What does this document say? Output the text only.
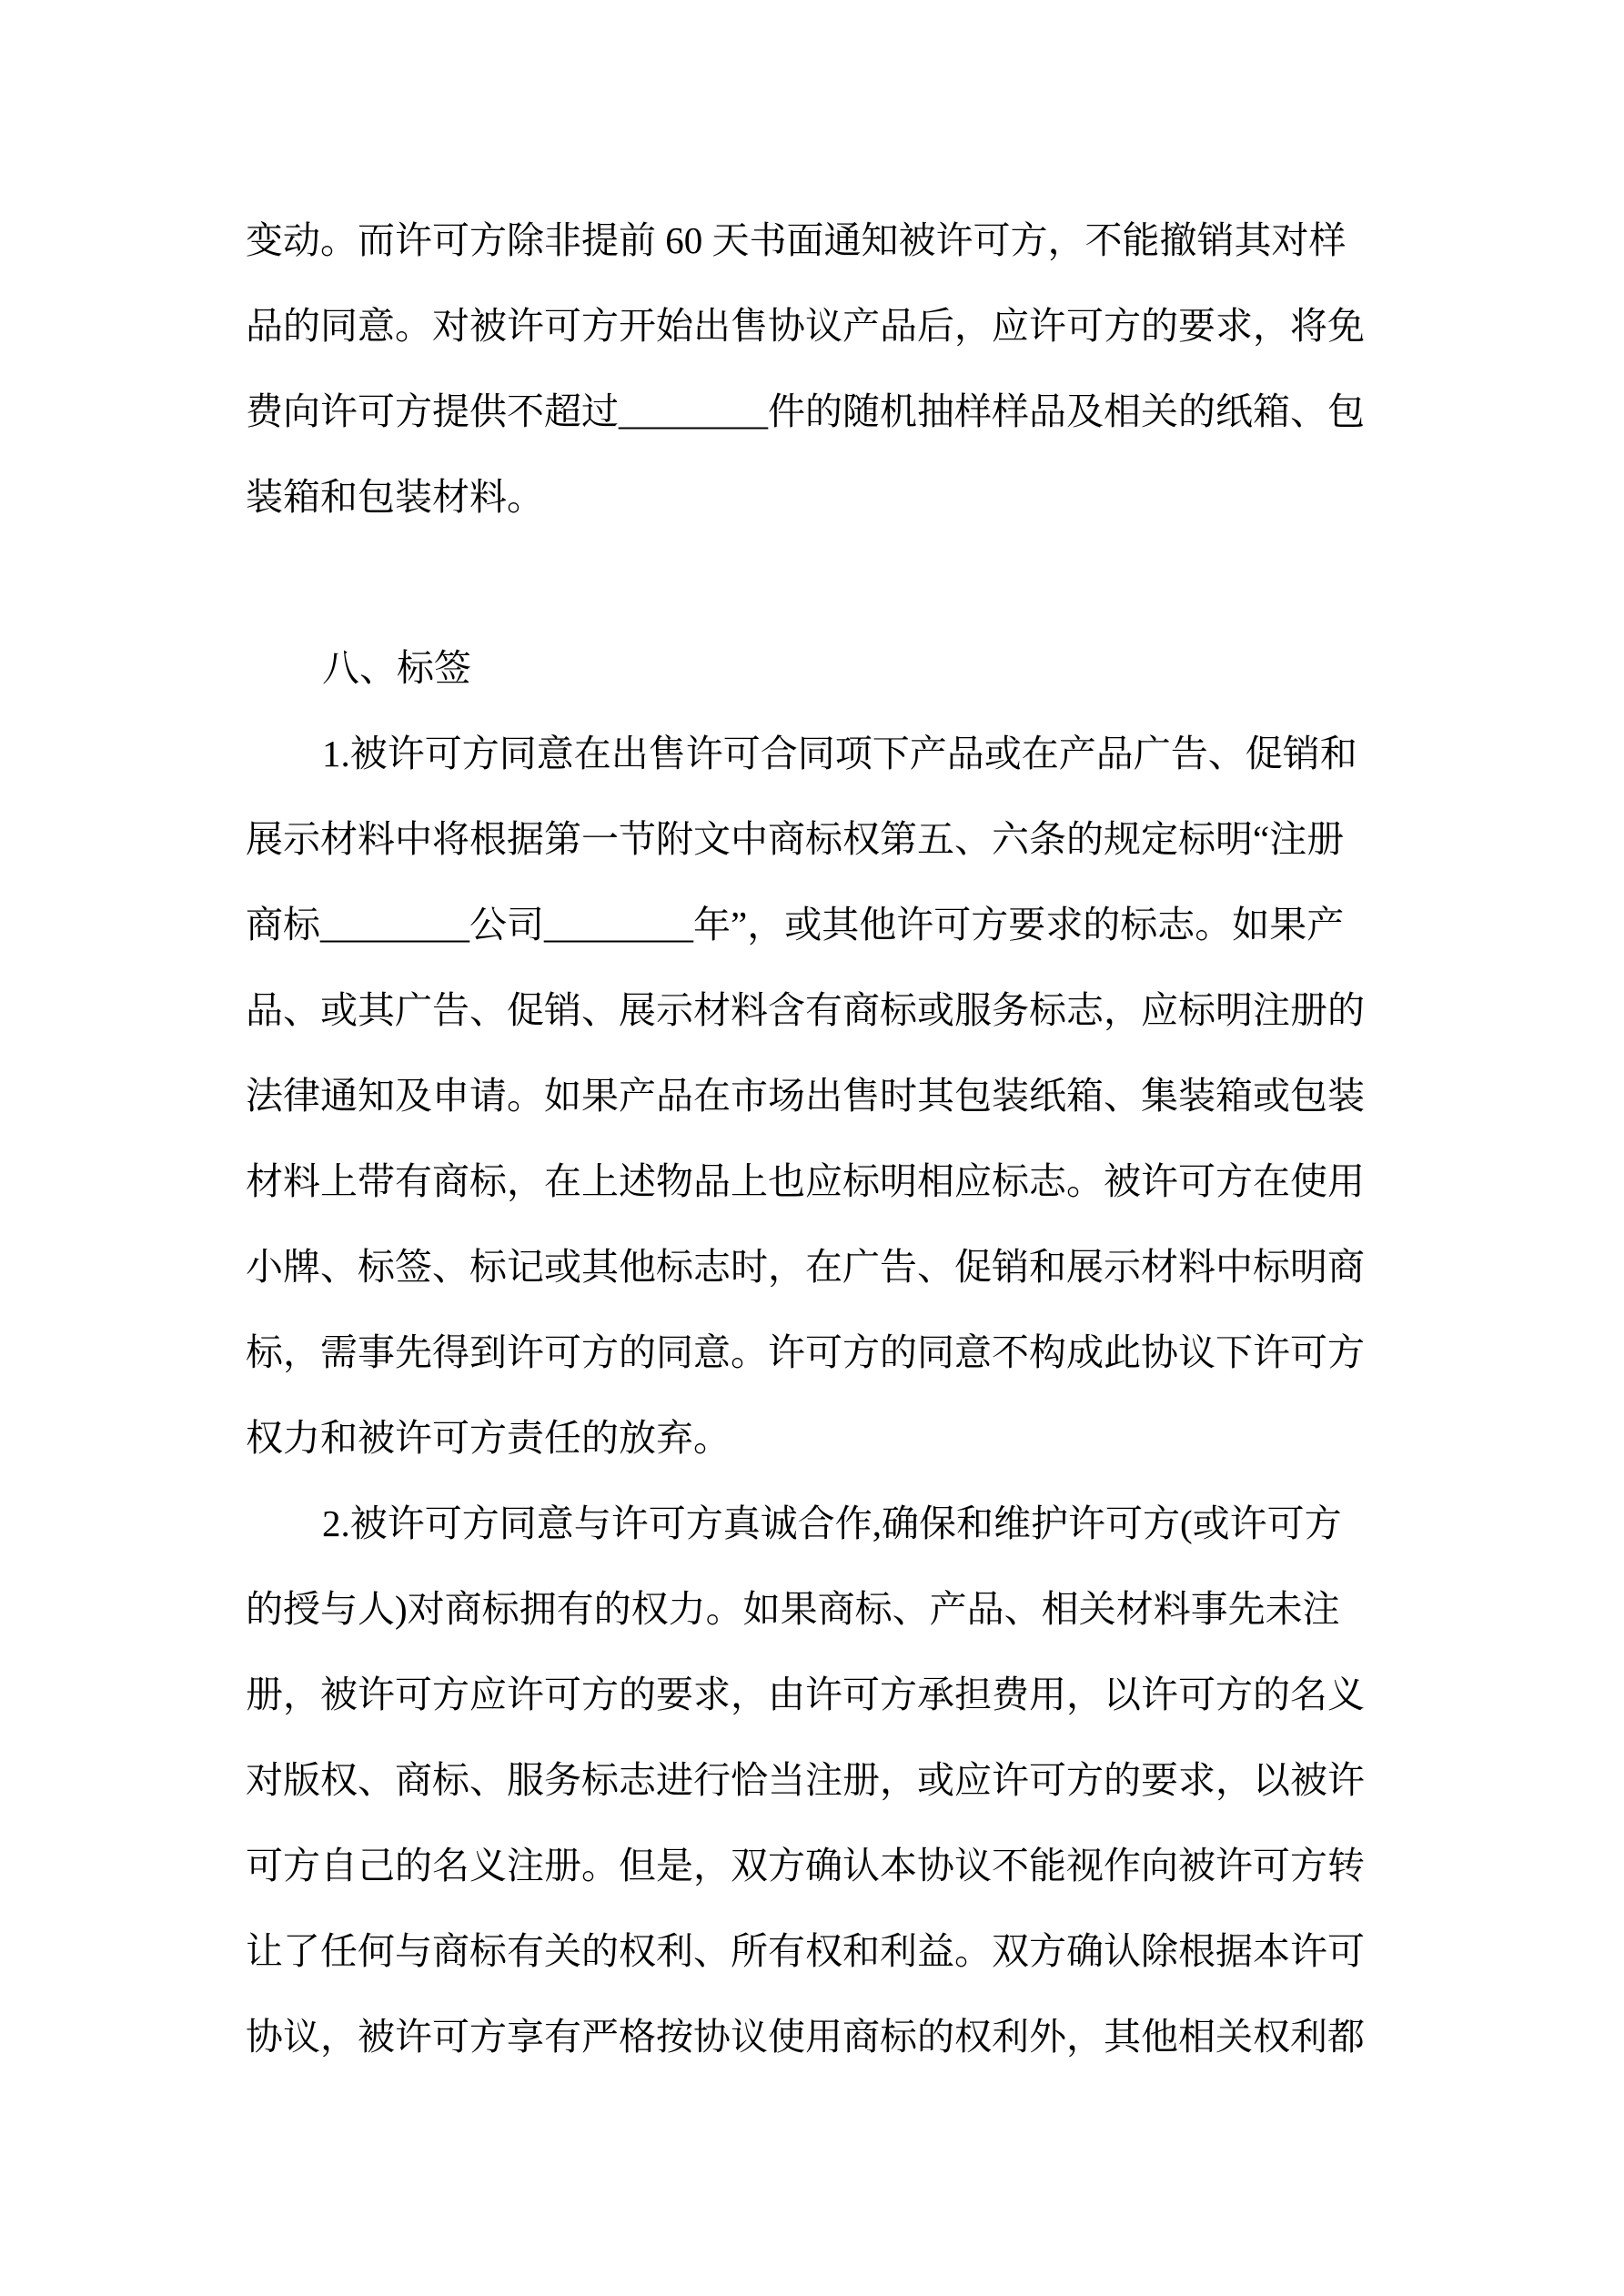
变动。而许可方除非提前 60 天书面通知被许可方，不能撤销其对样
品的同意。对被许可方开始出售协议产品后，应许可方的要求，将免
费向许可方提供不超过________件的随机抽样样品及相关的纸箱、包
装箱和包装材料。
八、标签
1.被许可方同意在出售许可合同项下产品或在产品广告、促销和
展示材料中将根据第一节附文中商标权第五、六条的规定标明“注册
商标________公司________年”，或其他许可方要求的标志。如果产
品、或其广告、促销、展示材料含有商标或服务标志，应标明注册的
法律通知及申请。如果产品在市场出售时其包装纸箱、集装箱或包装
材料上带有商标，在上述物品上也应标明相应标志。被许可方在使用
小牌、标签、标记或其他标志时，在广告、促销和展示材料中标明商
标，需事先得到许可方的同意。许可方的同意不构成此协议下许可方
权力和被许可方责任的放弃。
2.被许可方同意与许可方真诚合作,确保和维护许可方(或许可方
的授与人)对商标拥有的权力。如果商标、产品、相关材料事先未注
册，被许可方应许可方的要求，由许可方承担费用，以许可方的名义
对版权、商标、服务标志进行恰当注册，或应许可方的要求，以被许
可方自己的名义注册。但是，双方确认本协议不能视作向被许可方转
让了任何与商标有关的权利、所有权和利益。双方确认除根据本许可
协议，被许可方享有严格按协议使用商标的权利外，其他相关权利都
